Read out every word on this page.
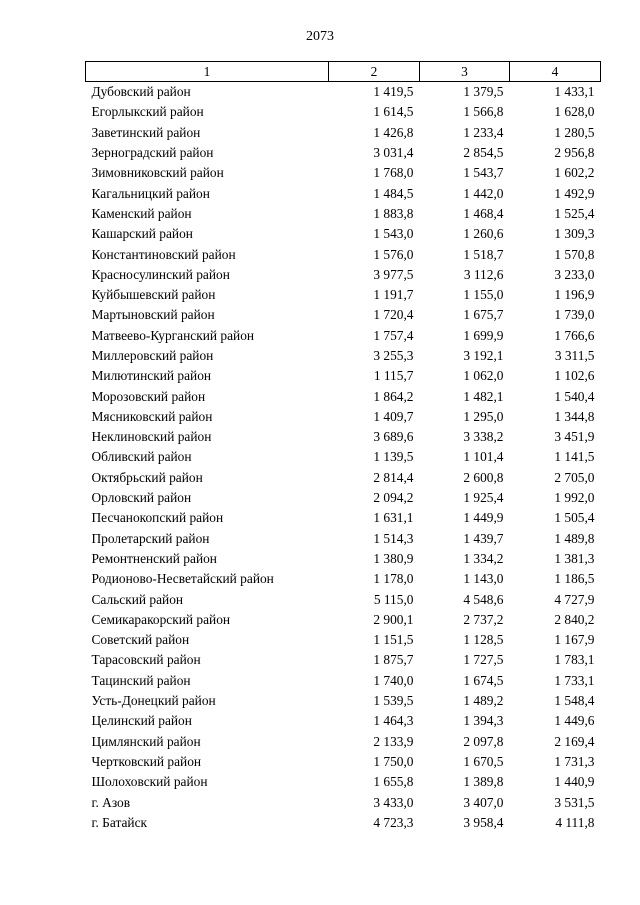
2073
1	2	3	4
Дубовский район	1 419,5	1 379,5	1 433,1
Егорлыкский район	1 614,5	1 566,8	1 628,0
Заветинский район	1 426,8	1 233,4	1 280,5
Зерноградский район	3 031,4	2 854,5	2 956,8
Зимовниковский район	1 768,0	1 543,7	1 602,2
Кагальницкий район	1 484,5	1 442,0	1 492,9
Каменский район	1 883,8	1 468,4	1 525,4
Кашарский район	1 543,0	1 260,6	1 309,3
Константиновский район	1 576,0	1 518,7	1 570,8
Красносулинский район	3 977,5	3 112,6	3 233,0
Куйбышевский район	1 191,7	1 155,0	1 196,9
Мартыновский район	1 720,4	1 675,7	1 739,0
Матвеево-Курганский район	1 757,4	1 699,9	1 766,6
Миллеровский район	3 255,3	3 192,1	3 311,5
Милютинский район	1 115,7	1 062,0	1 102,6
Морозовский район	1 864,2	1 482,1	1 540,4
Мясниковский район	1 409,7	1 295,0	1 344,8
Неклиновский район	3 689,6	3 338,2	3 451,9
Обливский район	1 139,5	1 101,4	1 141,5
Октябрьский район	2 814,4	2 600,8	2 705,0
Орловский район	2 094,2	1 925,4	1 992,0
Песчанокопский район	1 631,1	1 449,9	1 505,4
Пролетарский район	1 514,3	1 439,7	1 489,8
Ремонтненский район	1 380,9	1 334,2	1 381,3
Родионово-Несветайский район	1 178,0	1 143,0	1 186,5
Сальский район	5 115,0	4 548,6	4 727,9
Семикаракорский район	2 900,1	2 737,2	2 840,2
Советский район	1 151,5	1 128,5	1 167,9
Тарасовский район	1 875,7	1 727,5	1 783,1
Тацинский район	1 740,0	1 674,5	1 733,1
Усть-Донецкий район	1 539,5	1 489,2	1 548,4
Целинский район	1 464,3	1 394,3	1 449,6
Цимлянский район	2 133,9	2 097,8	2 169,4
Чертковский район	1 750,0	1 670,5	1 731,3
Шолоховский район	1 655,8	1 389,8	1 440,9
г. Азов	3 433,0	3 407,0	3 531,5
г. Батайск	4 723,3	3 958,4	4 111,8
